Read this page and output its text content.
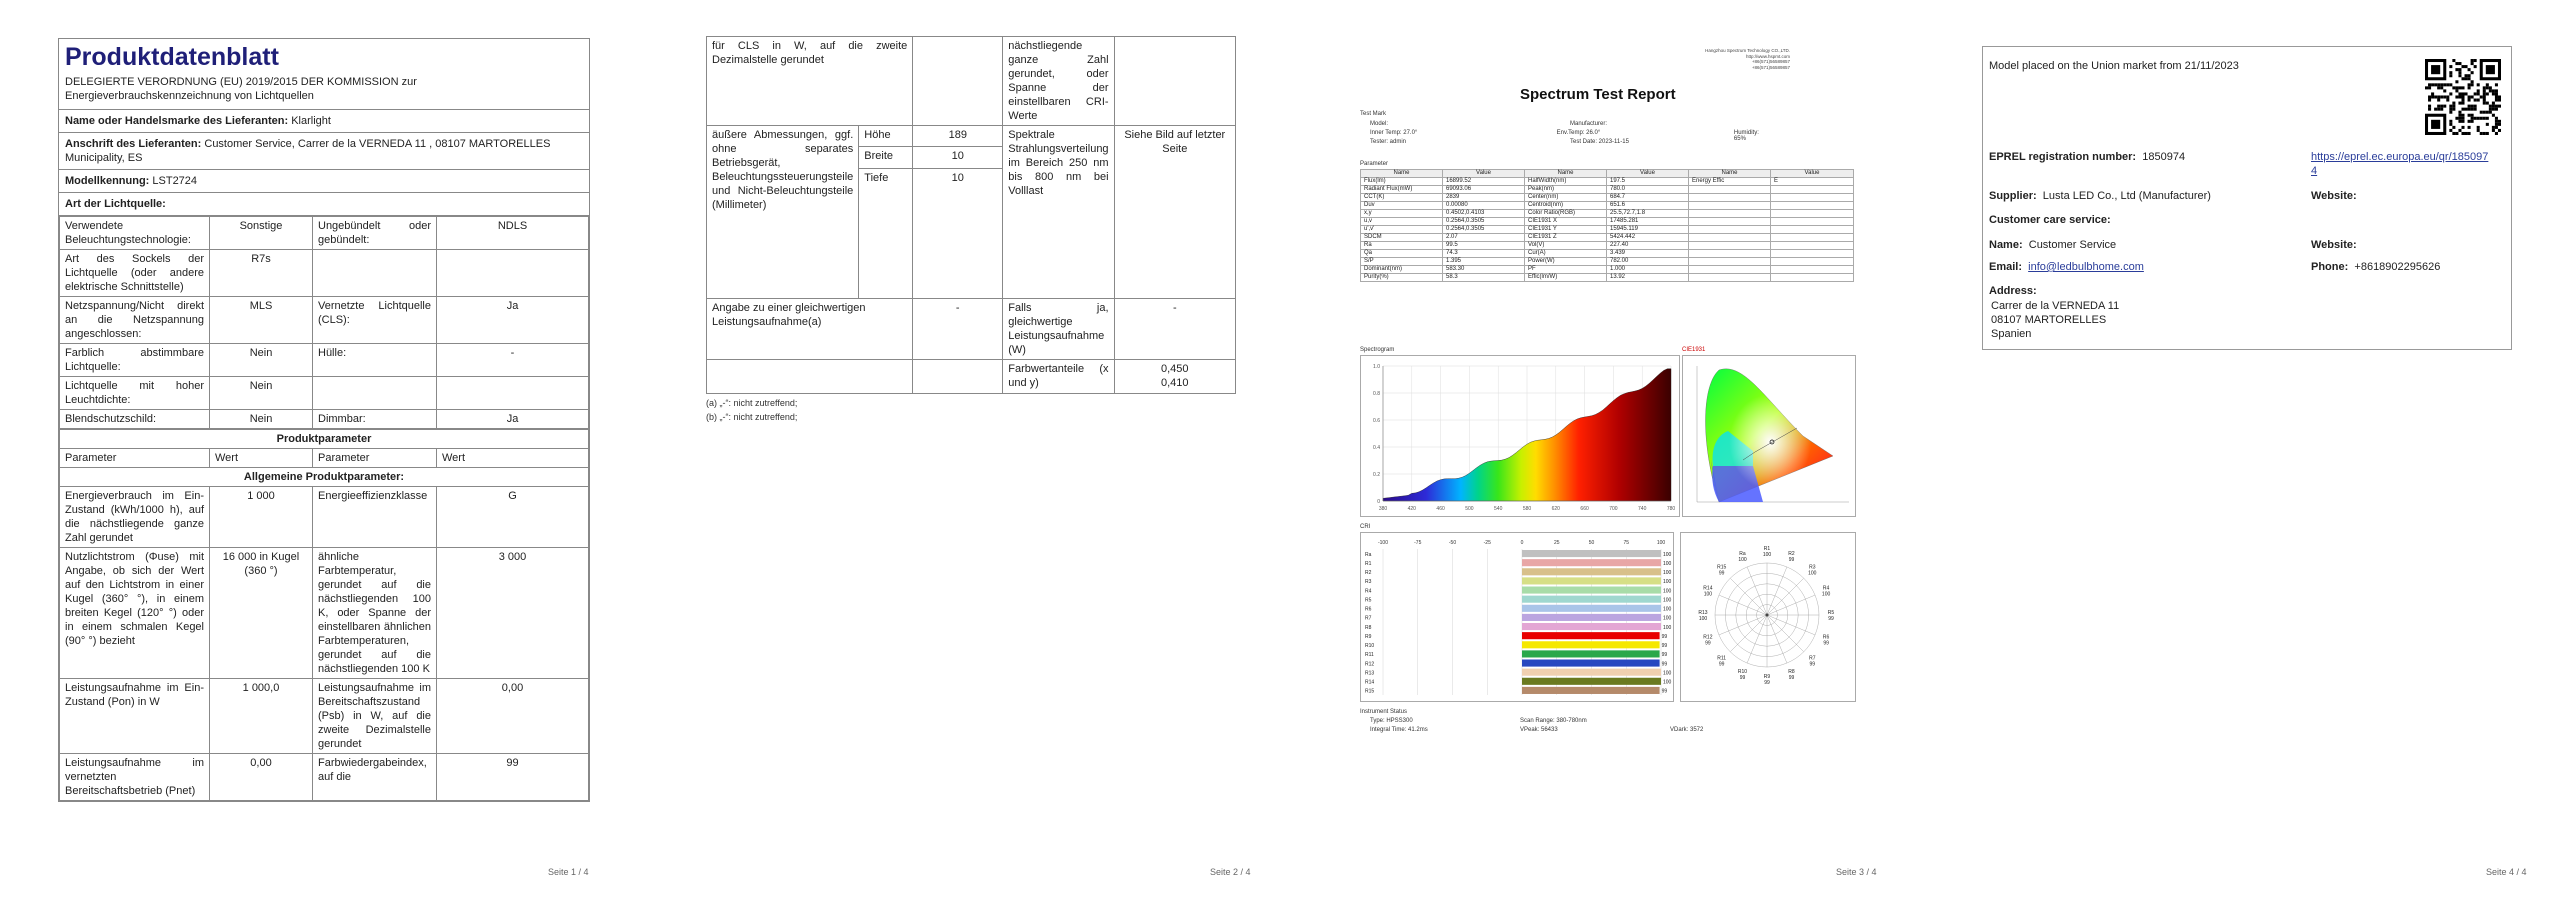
Produktdatenblatt
DELEGIERTE VERORDNUNG (EU) 2019/2015 DER KOMMISSION zur Energieverbrauchskennzeichnung von Lichtquellen
Name oder Handelsmarke des Lieferanten: Klarlight
Anschrift des Lieferanten: Customer Service, Carrer de la VERNEDA 11 , 08107 MARTORELLES Municipality, ES
Modellkennung: LST2724
Art der Lichtquelle:
Verwendete Beleuchtungstechnologie:	Sonstige	Ungebündelt oder gebündelt:	NDLS
Art des Sockels der Lichtquelle (oder andere elektrische Schnittstelle)	R7s		
Netzspannung/Nicht direkt an die Netzspannung angeschlossen:	MLS	Vernetzte Lichtquelle (CLS):	Ja
Farblich abstimmbare Lichtquelle:	Nein	Hülle:	-
Lichtquelle mit hoher Leuchtdichte:	Nein		
Blendschutzschild:	Nein	Dimmbar:	Ja
Produktparameter			
Parameter	Wert	Parameter	Wert
Allgemeine Produktparameter:			
Energieverbrauch im Ein-Zustand (kWh/1000 h), auf die nächstliegende ganze Zahl gerundet	1 000	Energieeffizienzklasse	G
Nutzlichtstrom (Φuse) mit Angabe, ob sich der Wert auf den Lichtstrom in einer Kugel (360° °), in einem breiten Kegel (120° °) oder in einem schmalen Kegel (90° °) bezieht	16 000 in Kugel (360 °)	ähnliche Farbtemperatur, gerundet auf die nächstliegenden 100 K, oder Spanne der einstellbaren ähnlichen Farbtemperaturen, gerundet auf die nächstliegenden 100 K	3 000
Leistungsaufnahme im Ein-Zustand (Pon) in W	1 000,0	Leistungsaufnahme im Bereitschaftszustand (Psb) in W, auf die zweite Dezimalstelle gerundet	0,00
Leistungsaufnahme im vernetzten Bereitschaftsbetrieb (Pnet)	0,00	Farbwiedergabeindex, auf die	99
Seite 1 / 4
für CLS in W, auf die zweite Dezimalstelle gerundet			nächstliegende ganze Zahl gerundet, oder Spanne der einstellbaren CRI-Werte	
äußere Abmessungen, ggf. ohne separates Betriebsgerät, Beleuchtungssteuerungsteile und Nicht-Beleuchtungsteile (Millimeter)	Höhe	189	Spektrale Strahlungsverteilung im Bereich 250 nm bis 800 nm bei Volllast	Siehe Bild auf letzter Seite
	Breite	10		
	Tiefe	10		

Angabe zu einer gleichwertigen Leistungsaufnahme(a)		-	Falls ja, gleichwertige Leistungsaufnahme (W)	-
			Farbwertanteile (x und y)	0,450
0,410
(a) „-“: nicht zutreffend;
(b) „-“: nicht zutreffend;
Seite 2 / 4
Hangzhou Spectrum Technology CO.,LTD.
http://www.hspmt.com
+86(571)56589857
+86(571)56589857
Spectrum Test Report
Test Mark
Model:	Manufacturer:
Inner Temp: 27.0°	Env.Temp: 26.0°	Humidity: 65%
Tester: admin	Test Date: 2023-11-15
Parameter
Name	Value	Name	Value	Name	Value
Flux(lm)	16899.52	HalfWidth(nm)	197.5	Energy Effic	E
Radiant Flux(mW)	69093.06	Peak(nm)	780.0		
CCT(K)	2839	Center(nm)	684.7		
Duv	0.00080	Centroid(nm)	651.6		
x,y	0.4502,0.4103	Color Ratio(RGB)	25.5,72.7,1.8		
u,v	0.2564,0.3505	CIE1931 X	17485.281		
u',v'	0.2564,0.3505	CIE1931 Y	15945.119		
SDCM	2.07	CIE1931 Z	5424.442		
Ra	99.5	Vol(V)	227.40		
Qa	74.3	Cur(A)	3.439		
S/P	1.395	Power(W)	782.00		
Dominant(nm)	583.30	PF	1.000		
Purity(%)	58.3	Effic(lm/W)	13.92		
Spectrogram
1.0
0.8
0.6
0.4
0.2
0
380	420	460	500	540	580	620	660	700	740	780
CIE1931
CRI
-100	-75	-50	-25	0	25	50	75	100
Ra	100
R1	100
R2	100
R3	100
R4	100
R5	100
R6	100
R7	100
R8	100
R9	99
R10	99
R11	99
R12	99
R13	100
R14	100
R15	99
R1
100	R2
99
R3
100
R4
100
R5
99
R6
99
R7
99
R8
99
R9
99
R10
99
R11
99
R12
99
R13
100
R14
100
R15
99
Ra
100
Instrument Status
Type: HPSS300	Scan Range: 380-780nm
Integral Time: 41.2ms	VPeak: 56433	VDark: 3572
Seite 3 / 4
Model placed on the Union market from 21/11/2023
EPREL registration number: 1850974	https://eprel.ec.europa.eu/qr/1850974
Supplier: Lusta LED Co., Ltd (Manufacturer)	Website:
Customer care service:
Name: Customer Service	Website:
Email: info@ledbulbhome.com	Phone: +8618902295626
Address:
Carrer de la VERNEDA 11
08107 MARTORELLES
Spanien
Seite 4 / 4
